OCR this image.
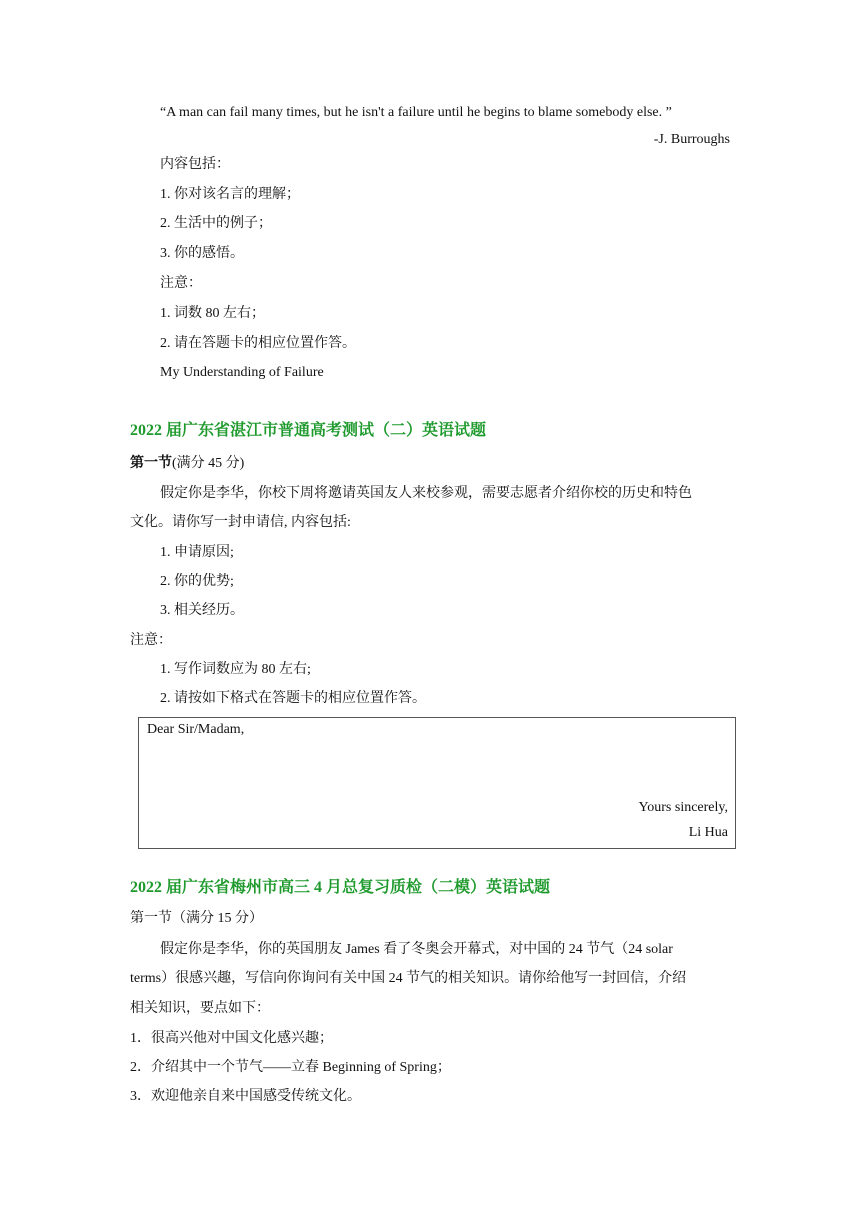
“A man can fail many times, but he isn't a failure until he begins to blame somebody else. ”
-J. Burroughs
内容包括：
1. 你对该名言的理解；
2. 生活中的例子；
3. 你的感悟。
注意：
1. 词数 80 左右；
2. 请在答题卡的相应位置作答。
My Understanding of Failure
2022 届广东省湛江市普通高考测试（二）英语试题
第一节(满分 45 分)
假定你是李华，你校下周将邀请英国友人来校参观，需要志愿者介绍你校的历史和特色
文化。请你写一封申请信, 内容包括:
1. 申请原因;
2. 你的优势;
3. 相关经历。
注意：
1. 写作词数应为 80 左右;
2. 请按如下格式在答题卡的相应位置作答。
Dear Sir/Madam,
Yours sincerely,
Li Hua
2022 届广东省梅州市高三 4 月总复习质检（二模）英语试题
第一节（满分 15 分）
假定你是李华，你的英国朋友 James 看了冬奥会开幕式，对中国的 24 节气（24 solar
terms）很感兴趣，写信向你询问有关中国 24 节气的相关知识。请你给他写一封回信，介绍
相关知识，要点如下：
1．很高兴他对中国文化感兴趣；
2．介绍其中一个节气——立春 Beginning of Spring；
3．欢迎他亲自来中国感受传统文化。
